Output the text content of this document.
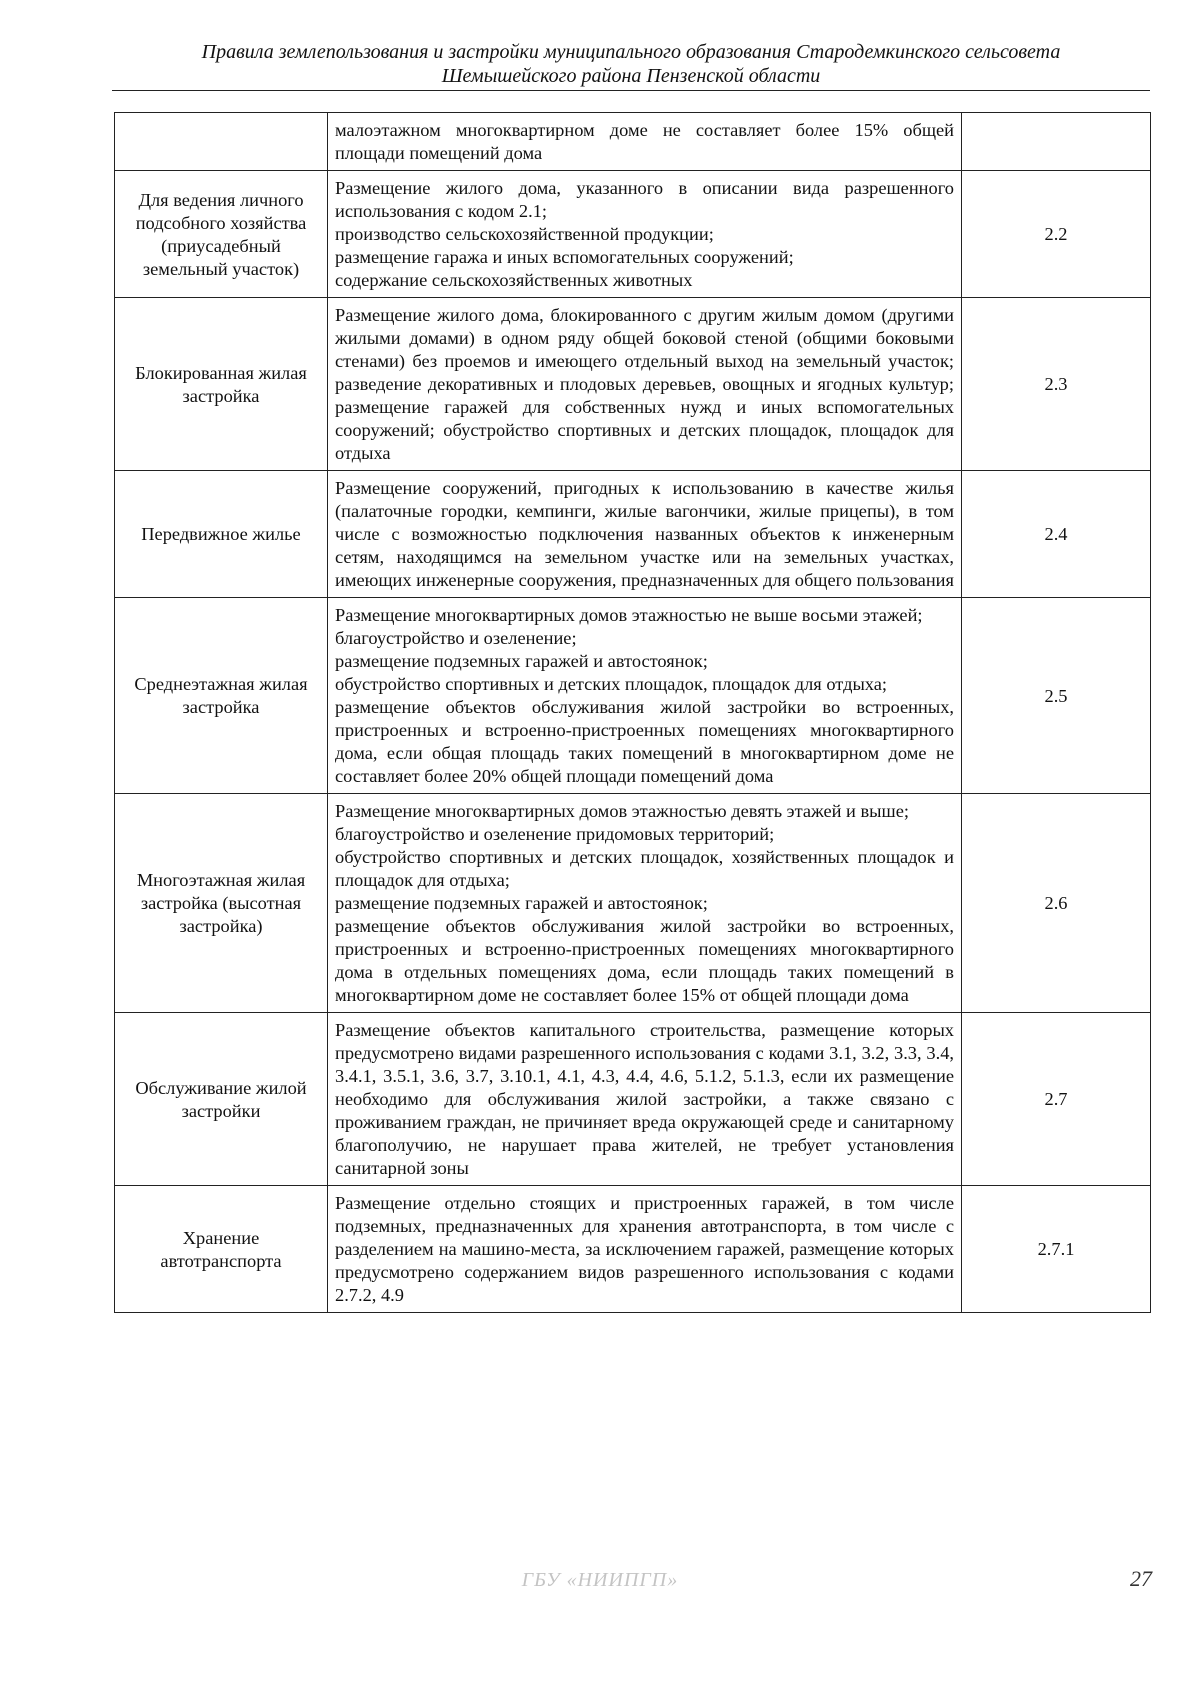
Правила землепользования и застройки муниципального образования Стародемкинского сельсовета
Шемышейского района Пензенской области

	малоэтажном многоквартирном доме не составляет более 15% общей площади помещений дома	

Для ведения личного подсобного хозяйства (приусадебный земельный участок)	Размещение жилого дома, указанного в описании вида разрешенного использования с кодом 2.1;
производство сельскохозяйственной продукции;
размещение гаража и иных вспомогательных сооружений;
содержание сельскохозяйственных животных	2.2
Блокированная жилая застройка	Размещение жилого дома, блокированного с другим жилым домом (другими жилыми домами) в одном ряду общей боковой стеной (общими боковыми стенами) без проемов и имеющего отдельный выход на земельный участок; разведение декоративных и плодовых деревьев, овощных и ягодных культур; размещение гаражей для собственных нужд и иных вспомогательных сооружений; обустройство спортивных и детских площадок, площадок для отдыха	2.3
Передвижное жилье	Размещение сооружений, пригодных к использованию в качестве жилья (палаточные городки, кемпинги, жилые вагончики, жилые прицепы), в том числе с возможностью подключения названных объектов к инженерным сетям, находящимся на земельном участке или на земельных участках, имеющих инженерные сооружения, предназначенных для общего пользования	2.4
Среднеэтажная жилая застройка	Размещение многоквартирных домов этажностью не выше восьми этажей;
благоустройство и озеленение;
размещение подземных гаражей и автостоянок;
обустройство спортивных и детских площадок, площадок для отдыха;
размещение объектов обслуживания жилой застройки во встроенных, пристроенных и встроенно-пристроенных помещениях многоквартирного дома, если общая площадь таких помещений в многоквартирном доме не составляет более 20% общей площади помещений дома	2.5
Многоэтажная жилая застройка (высотная застройка)	Размещение многоквартирных домов этажностью девять этажей и выше;
благоустройство и озеленение придомовых территорий;
обустройство спортивных и детских площадок, хозяйственных площадок и площадок для отдыха;
размещение подземных гаражей и автостоянок;
размещение объектов обслуживания жилой застройки во встроенных, пристроенных и встроенно-пристроенных помещениях многоквартирного дома в отдельных помещениях дома, если площадь таких помещений в многоквартирном доме не составляет более 15% от общей площади дома	2.6
Обслуживание жилой застройки	Размещение объектов капитального строительства, размещение которых предусмотрено видами разрешенного использования с кодами 3.1, 3.2, 3.3, 3.4, 3.4.1, 3.5.1, 3.6, 3.7, 3.10.1, 4.1, 4.3, 4.4, 4.6, 5.1.2, 5.1.3, если их размещение необходимо для обслуживания жилой застройки, а также связано с проживанием граждан, не причиняет вреда окружающей среде и санитарному благополучию, не нарушает права жителей, не требует установления санитарной зоны	2.7
Хранение автотранспорта	Размещение отдельно стоящих и пристроенных гаражей, в том числе подземных, предназначенных для хранения автотранспорта, в том числе с разделением на машино-места, за исключением гаражей, размещение которых предусмотрено содержанием видов разрешенного использования с кодами 2.7.2, 4.9	2.7.1
ГБУ «НИИПГП»	27
